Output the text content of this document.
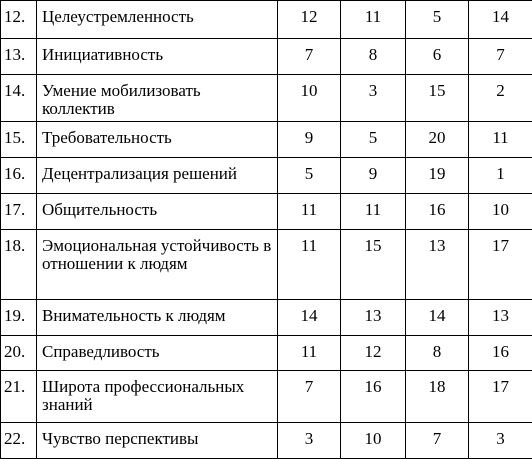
12.	Целеустремленность	12	11	5	14
13.	Инициативность	7	8	6	7
14.	Умение мобилизовать коллектив	10	3	15	2
15.	Требовательность	9	5	20	11
16.	Децентрализация решений	5	9	19	1
17.	Общительность	11	11	16	10
18.	Эмоциональная устойчивость в отношении к людям	11	15	13	17
19.	Внимательность к людям	14	13	14	13
20.	Справедливость	11	12	8	16
21.	Широта профессиональных знаний	7	16	18	17
22.	Чувство перспективы	3	10	7	3
